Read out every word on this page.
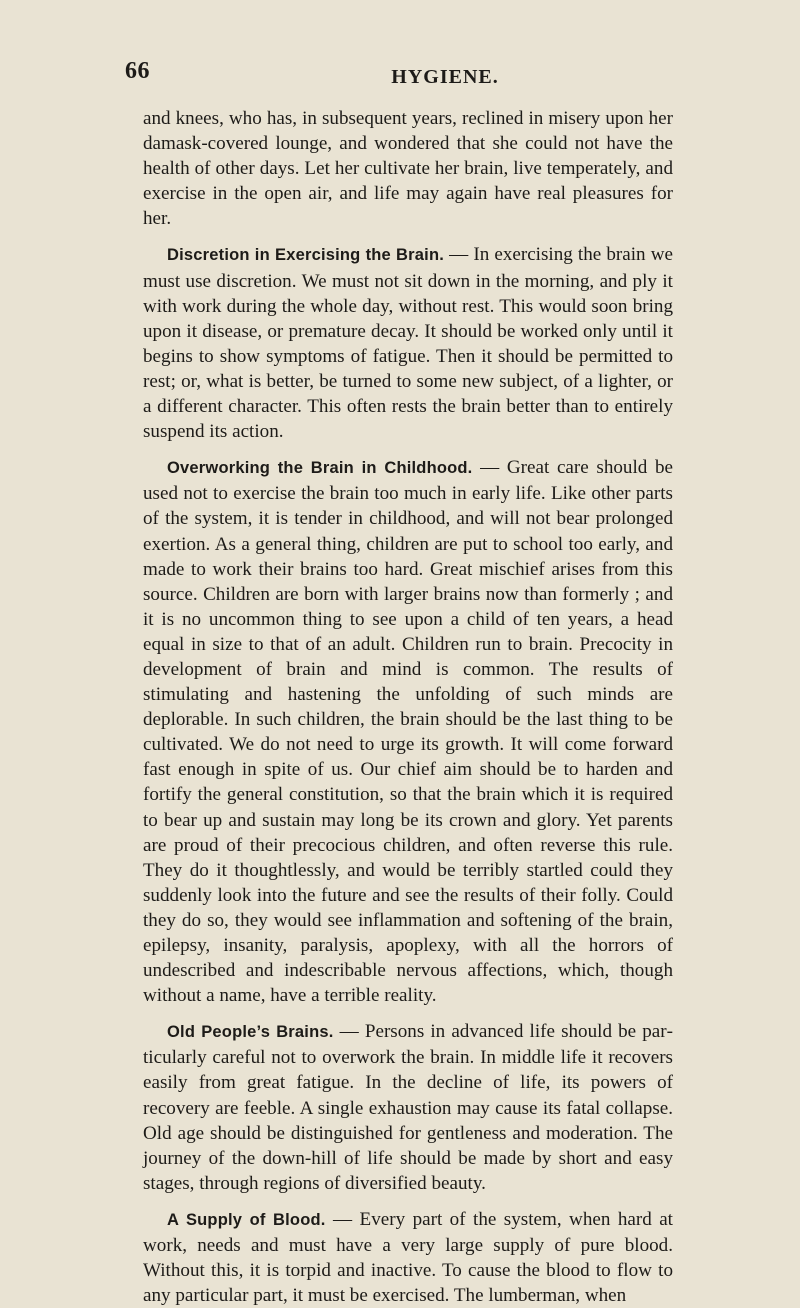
66	HYGIENE.

and knees, who has, in subsequent years, reclined in misery upon her damask-covered lounge, and wondered that she could not have the health of other days. Let her cultivate her brain, live temperately, and exercise in the open air, and life may again have real pleasures for her.

Discretion in Exercising the Brain. — In exercising the brain we must use discretion. We must not sit down in the morning, and ply it with work during the whole day, without rest. This would soon bring upon it disease, or premature decay. It should be worked only until it begins to show symptoms of fatigue. Then it should be permitted to rest; or, what is better, be turned to some new subject, of a lighter, or a different character. This often rests the brain better than to entirely suspend its action.

Overworking the Brain in Childhood. — Great care should be used not to exercise the brain too much in early life. Like other parts of the system, it is tender in childhood, and will not bear prolonged exertion. As a general thing, children are put to school too early, and made to work their brains too hard. Great mischief arises from this source. Children are born with larger brains now than formerly ; and it is no uncommon thing to see upon a child of ten years, a head equal in size to that of an adult. Children run to brain. Precocity in development of brain and mind is common. The results of stimulating and hastening the unfolding of such minds are deplorable. In such children, the brain should be the last thing to be cultivated. We do not need to urge its growth. It will come forward fast enough in spite of us. Our chief aim should be to harden and fortify the general constitution, so that the brain which it is required to bear up and sustain may long be its crown and glory. Yet parents are proud of their precocious children, and often reverse this rule. They do it thoughtlessly, and would be terribly startled could they suddenly look into the future and see the results of their folly. Could they do so, they would see inflammation and softening of the brain, epilepsy, insanity, paralysis, apoplexy, with all the horrors of undescribed and indescribable nervous affections, which, though without a name, have a terrible reality.

Old People’s Brains. — Persons in advanced life should be particularly careful not to overwork the brain. In middle life it recovers easily from great fatigue. In the decline of life, its powers of recovery are feeble. A single exhaustion may cause its fatal collapse. Old age should be distinguished for gentleness and moderation. The journey of the down-hill of life should be made by short and easy stages, through regions of diversified beauty.

A Supply of Blood. — Every part of the system, when hard at work, needs and must have a very large supply of pure blood. Without this, it is torpid and inactive. To cause the blood to flow to any particular part, it must be exercised. The lumberman, when
